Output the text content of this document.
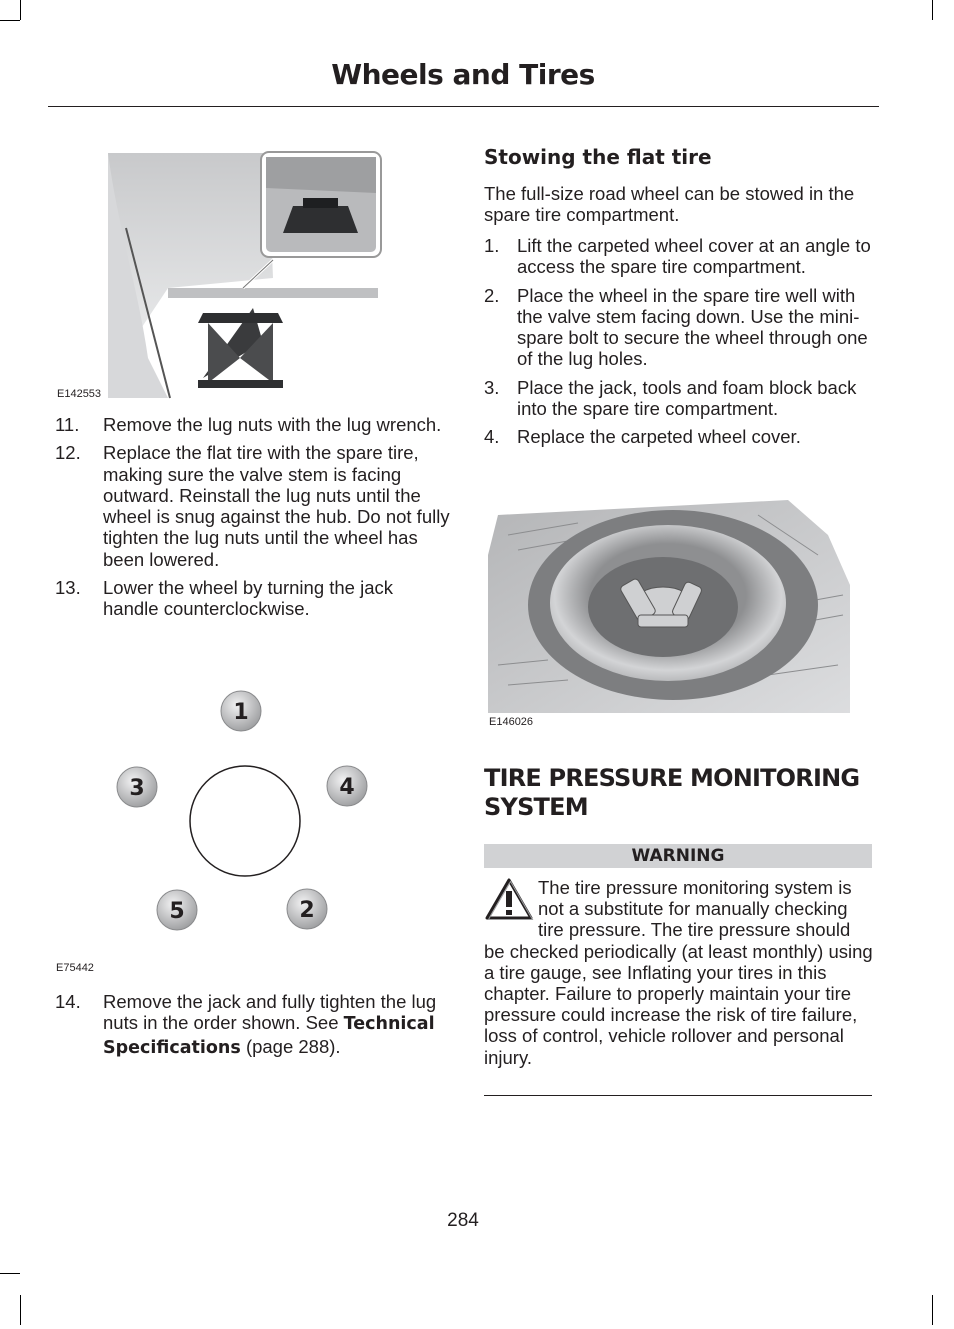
Wheels and Tires
E142553
11. Remove the lug nuts with the lug wrench.
12. Replace the flat tire with the spare tire, making sure the valve stem is facing outward. Reinstall the lug nuts until the wheel is snug against the hub. Do not fully tighten the lug nuts until the wheel has been lowered.
13. Lower the wheel by turning the jack handle counterclockwise.
1
3	4
5	2
E75442
14. Remove the jack and fully tighten the lug nuts in the order shown. See Technical Specifications (page 288).
Stowing the flat tire

The full-size road wheel can be stowed in the spare tire compartment.

1. Lift the carpeted wheel cover at an angle to access the spare tire compartment.
2. Place the wheel in the spare tire well with the valve stem facing down. Use the mini-spare bolt to secure the wheel through one of the lug holes.
3. Place the jack, tools and foam block back into the spare tire compartment.
4. Replace the carpeted wheel cover.
E146026
TIRE PRESSURE MONITORING SYSTEM
WARNING

The tire pressure monitoring system is not a substitute for manually checking tire pressure. The tire pressure should be checked periodically (at least monthly) using a tire gauge, see Inflating your tires in this chapter. Failure to properly maintain your tire pressure could increase the risk of tire failure, loss of control, vehicle rollover and personal injury.

284
